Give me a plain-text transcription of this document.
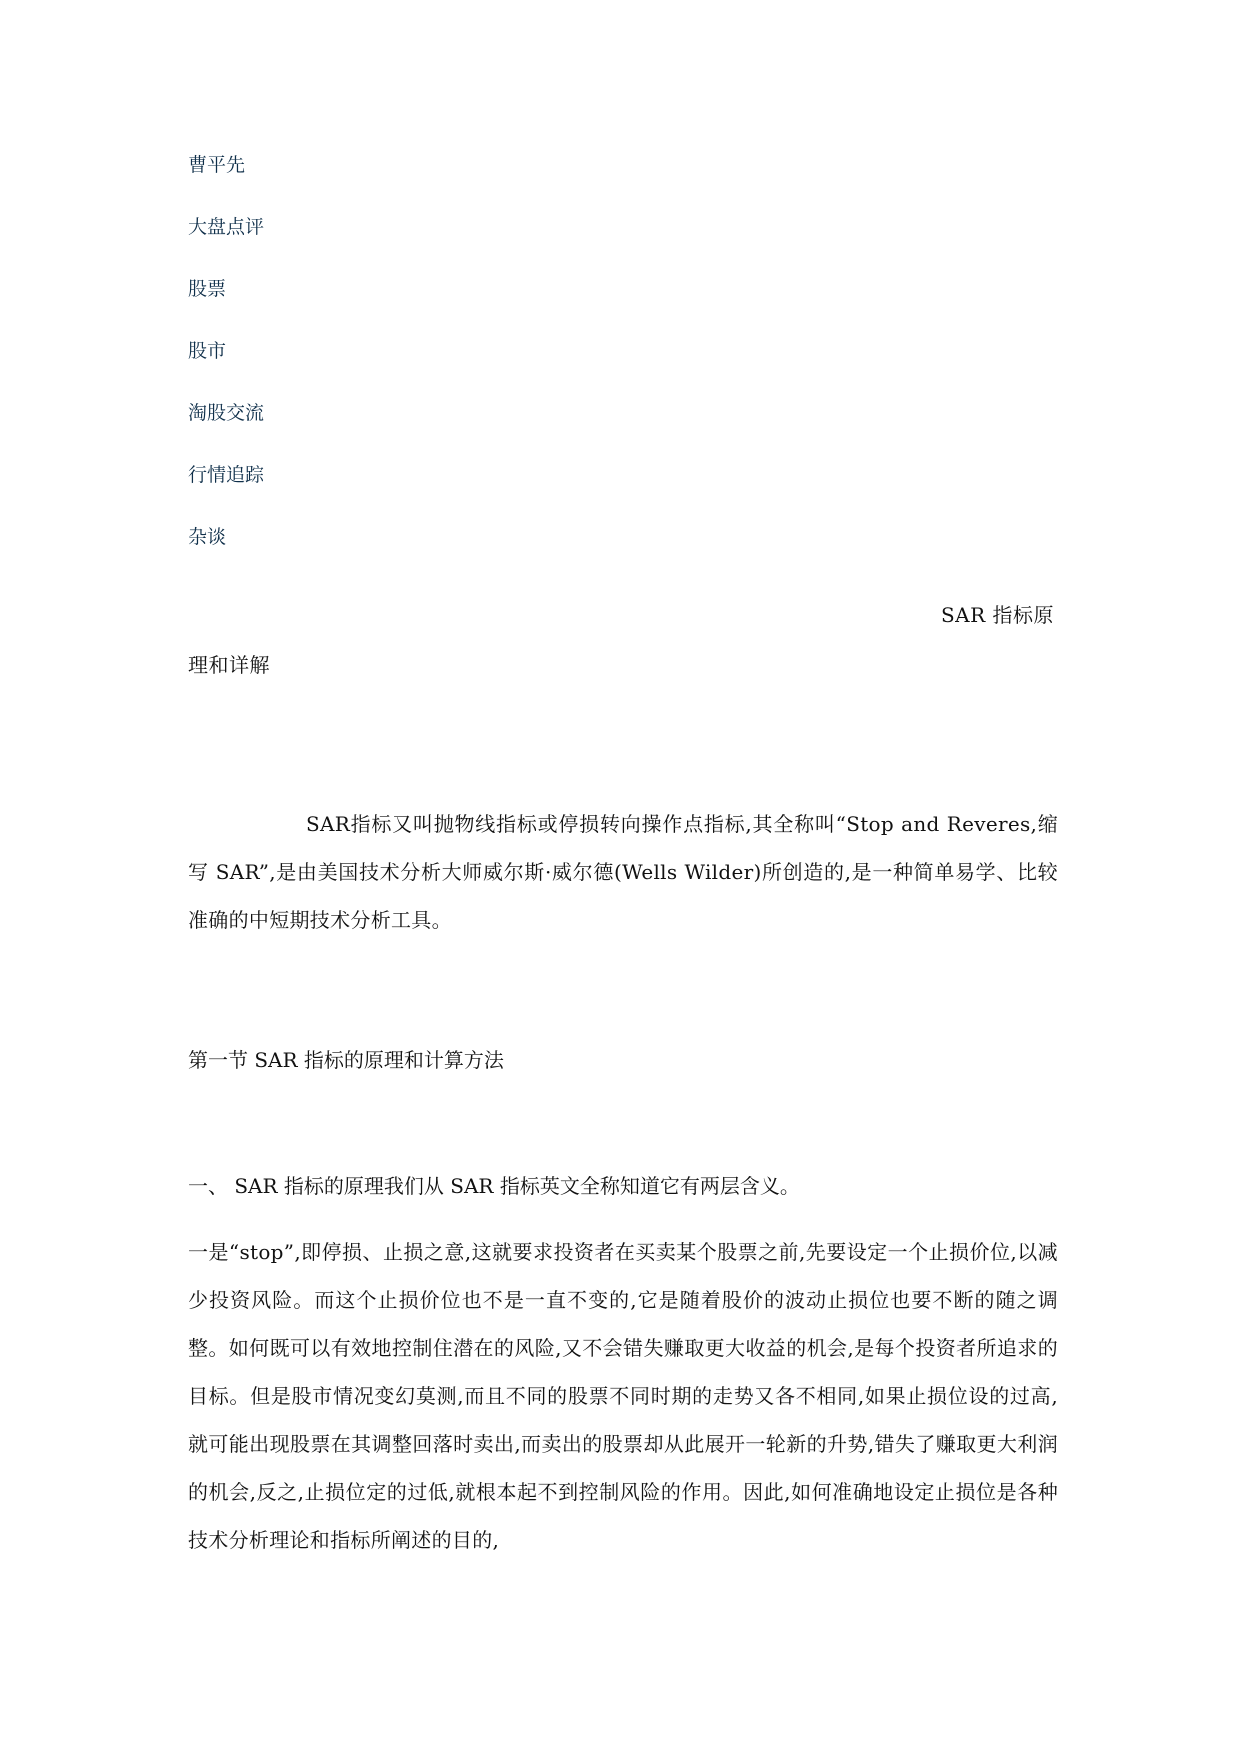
曹平先
大盘点评
股票
股市
淘股交流
行情追踪
杂谈
SAR 指标原
理和详解

SAR指标又叫抛物线指标或停损转向操作点指标,其全称叫“Stop and Reveres,缩写 SAR”,是由美国技术分析大师威尔斯·威尔德(Wells Wilder)所创造的,是一种简单易学、比较准确的中短期技术分析工具。

第一节 SAR 指标的原理和计算方法
一、 SAR 指标的原理我们从 SAR 指标英文全称知道它有两层含义。

一是“stop”,即停损、止损之意,这就要求投资者在买卖某个股票之前,先要设定一个止损价位,以减少投资风险。而这个止损价位也不是一直不变的,它是随着股价的波动止损位也要不断的随之调整。如何既可以有效地控制住潜在的风险,又不会错失赚取更大收益的机会,是每个投资者所追求的目标。但是股市情况变幻莫测,而且不同的股票不同时期的走势又各不相同,如果止损位设的过高,就可能出现股票在其调整回落时卖出,而卖出的股票却从此展开一轮新的升势,错失了赚取更大利润的机会,反之,止损位定的过低,就根本起不到控制风险的作用。因此,如何准确地设定止损位是各种技术分析理论和指标所阐述的目的,
